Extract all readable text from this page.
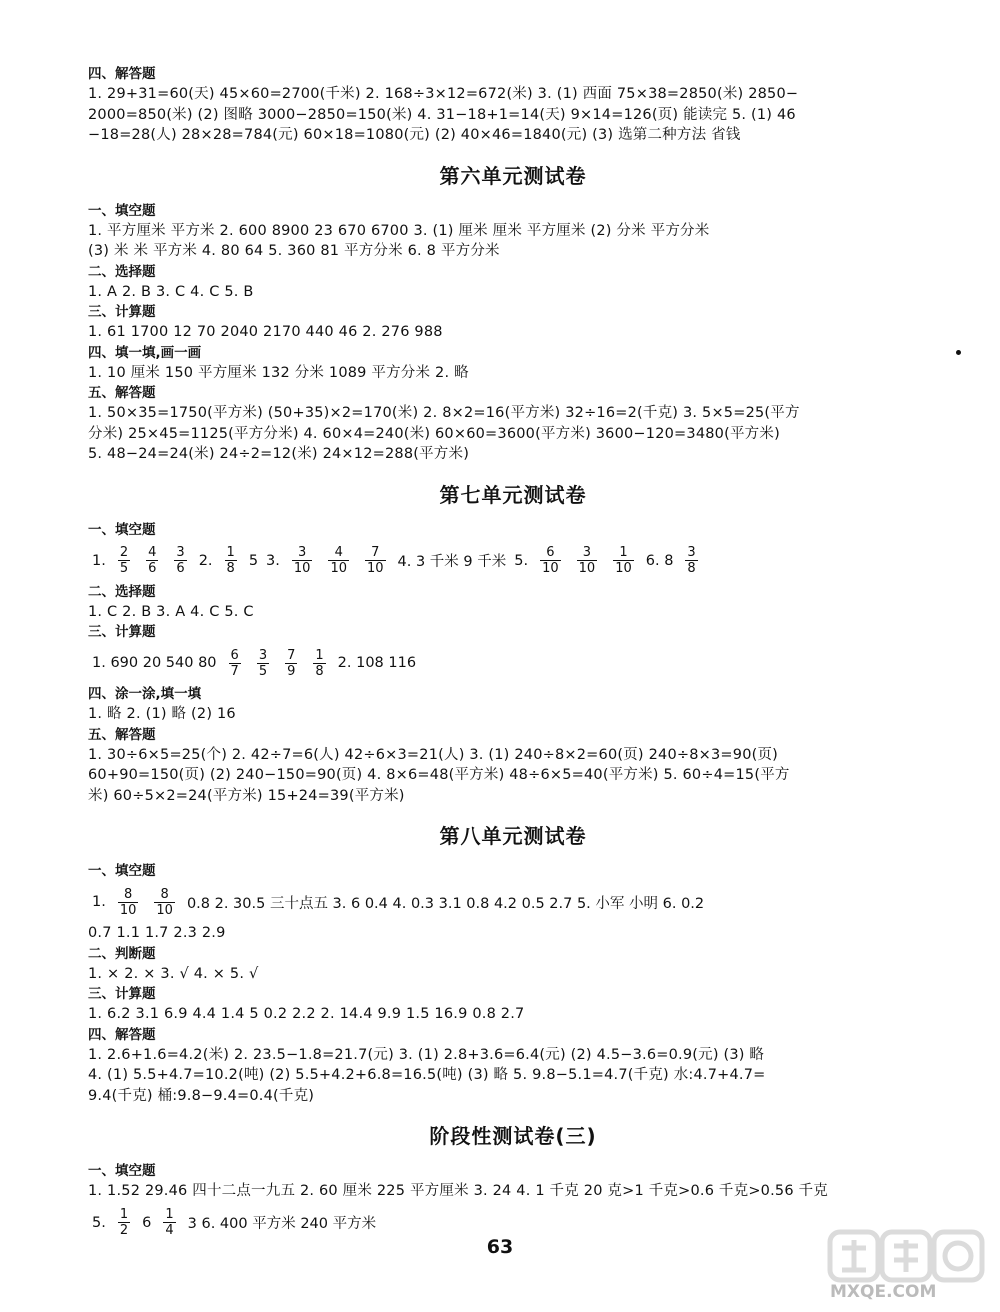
四、解答题
1. 29+31=60(天) 45×60=2700(千米) 2. 168÷3×12=672(米) 3. (1) 西面 75×38=2850(米) 2850−
2000=850(米) (2) 图略 3000−2850=150(米) 4. 31−18+1=14(天) 9×14=126(页) 能读完 5. (1) 46
−18=28(人) 28×28=784(元) 60×18=1080(元) (2) 40×46=1840(元) (3) 选第二种方法 省钱
第六单元测试卷
一、填空题
1. 平方厘米 平方米 2. 600 8900 23 670 6700 3. (1) 厘米 厘米 平方厘米 (2) 分米 平方分米
(3) 米 米 平方米 4. 80 64 5. 360 81 平方分米 6. 8 平方分米
二、选择题
1. A 2. B 3. C 4. C 5. B
三、计算题
1. 61 1700 12 70 2040 2170 440 46 2. 276 988
四、填一填,画一画
1. 10 厘米 150 平方厘米 132 分米 1089 平方分米 2. 略
五、解答题
1. 50×35=1750(平方米) (50+35)×2=170(米) 2. 8×2=16(平方米) 32÷16=2(千克) 3. 5×5=25(平方
分米) 25×45=1125(平方分米) 4. 60×4=240(米) 60×60=3600(平方米) 3600−120=3480(平方米)
5. 48−24=24(米) 24÷2=12(米) 24×12=288(平方米)
第七单元测试卷
一、填空题
1. $\frac{2}{5} \frac{4}{6} \frac{3}{6} 2$. $\frac{1}{8} 5$ 3. $\frac{3}{10} \frac{4}{10} \frac{7}{10} 4$. 3 千米 9 千米 5. $\frac{6}{10} \frac{3}{10} \frac{1}{10} 6$. $8 \frac{3}{8}$
二、选择题
1. C 2. B 3. A 4. C 5. C
三、计算题
1. 690 20 540 $80 \frac{6}{7} \frac{3}{5} \frac{7}{9} \frac{1}{8} 2$. 108 116
四、涂一涂,填一填
1. 略 2. (1) 略 (2) 16
五、解答题
1. 30÷6×5=25(个) 2. 42÷7=6(人) 42÷6×3=21(人) 3. (1) 240÷8×2=60(页) 240÷8×3=90(页)
60+90=150(页) (2) 240−150=90(页) 4. 8×6=48(平方米) 48÷6×5=40(平方米) 5. 60÷4=15(平方
米) 60÷5×2=24(平方米) 15+24=39(平方米)
第八单元测试卷
一、填空题
1. $\frac{8}{10} \frac{8}{10} 0.8$ 2. 30.5 三十点五 3. 6 0.4 4. 0.3 3.1 0.8 4.2 0.5 2.7 5. 小军 小明 6. 0.2
0.7 1.1 1.7 2.3 2.9
二、判断题
1. × 2. × 3. √ 4. × 5. √
三、计算题
1. 6.2 3.1 6.9 4.4 1.4 5 0.2 2.2 2. 14.4 9.9 1.5 16.9 0.8 2.7
四、解答题
1. 2.6+1.6=4.2(米) 2. 23.5−1.8=21.7(元) 3. (1) 2.8+3.6=6.4(元) (2) 4.5−3.6=0.9(元) (3) 略
4. (1) 5.5+4.7=10.2(吨) (2) 5.5+4.2+6.8=16.5(吨) (3) 略 5. 9.8−5.1=4.7(千克) 水:4.7+4.7=
9.4(千克) 桶:9.8−9.4=0.4(千克)
阶段性测试卷(三)
一、填空题
1. 1.52 29.46 四十二点一九五 2. 60 厘米 225 平方厘米 3. 24 4. 1 千克 20 克>1 千克>0.6 千克>0.56 千克
5. $\frac{1}{2} 6 \frac{1}{4} 3$ 6. 400 平方米 240 平方米
63
MXQE.COM
